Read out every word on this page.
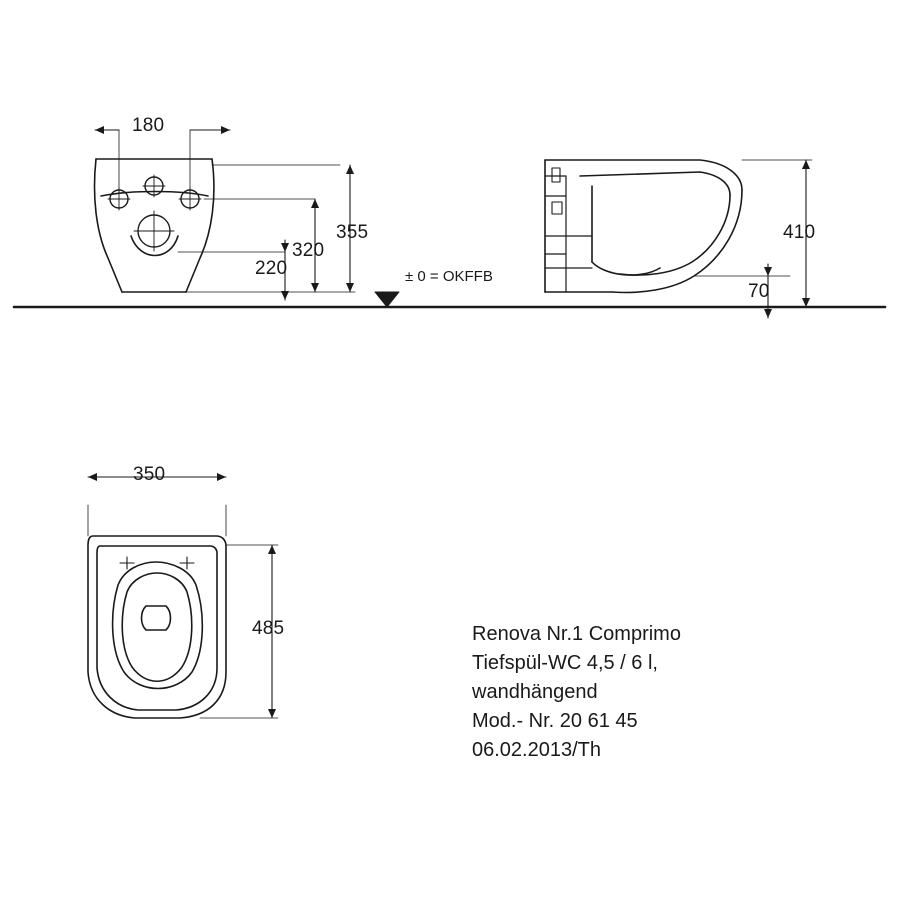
180
220
320
355	410
70
350
485
± 0 = OKFFB
Renova Nr.1 Comprimo
Tiefspül-WC 4,5 / 6 l,
wandhängend
Mod.- Nr. 20 61 45
06.02.2013/Th
